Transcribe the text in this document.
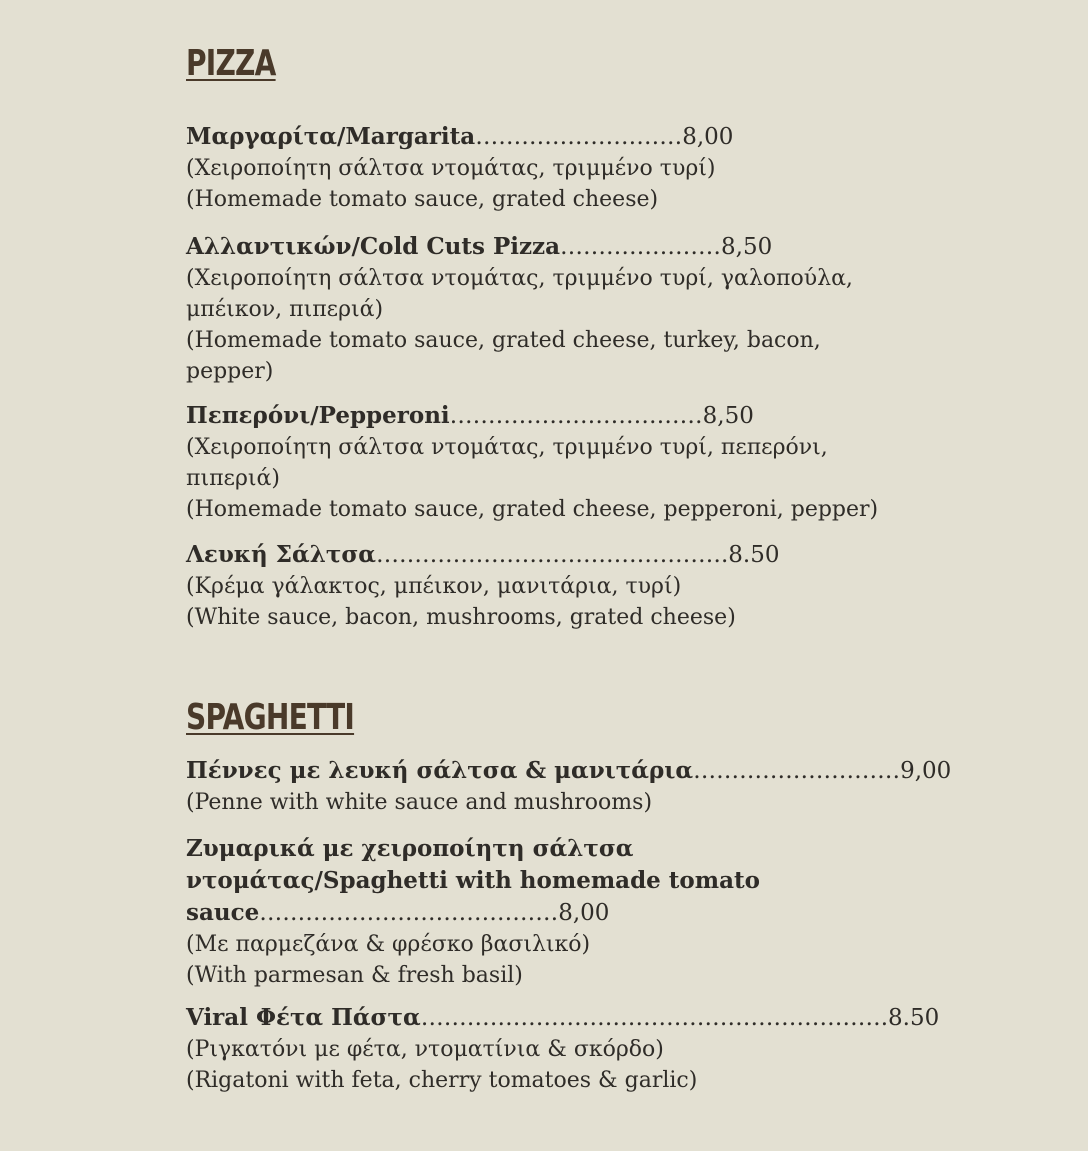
PIZZA
Μαργαρίτα/Margarita………………………8,00

(Χειροποίητη σάλτσα ντομάτας, τριμμένο τυρί)

(Homemade tomato sauce, grated cheese)

Αλλαντικών/Cold Cuts Pizza…………………8,50

(Χειροποίητη σάλτσα ντομάτας, τριμμένο τυρί, γαλοπούλα, μπέικον, πιπεριά)

(Homemade tomato sauce, grated cheese, turkey, bacon, pepper)

Πεπερόνι/Pepperoni……………………………8,50

(Χειροποίητη σάλτσα ντομάτας, τριμμένο τυρί, πεπερόνι, πιπεριά)

(Homemade tomato sauce, grated cheese, pepperoni, pepper)

Λευκή Σάλτσα……………………………………….8.50

(Κρέμα γάλακτος, μπέικον, μανιτάρια, τυρί)

(White sauce, bacon, mushrooms, grated cheese)

SPAGHETTI
Πέννες με λευκή σάλτσα & μανιτάρια………………………9,00

(Penne with white sauce and mushrooms)

Ζυμαρικά με χειροποίητη σάλτσα ντομάτας/Spaghetti with homemade tomato sauce…………………………………8,00

(Με παρμεζάνα & φρέσκο βασιλικό)

(With parmesan & fresh basil)

Viral Φέτα Πάστα…………………………………………………….8.50

(Ριγκατόνι με φέτα, ντοματίνια & σκόρδο)

(Rigatoni with feta, cherry tomatoes & garlic)
